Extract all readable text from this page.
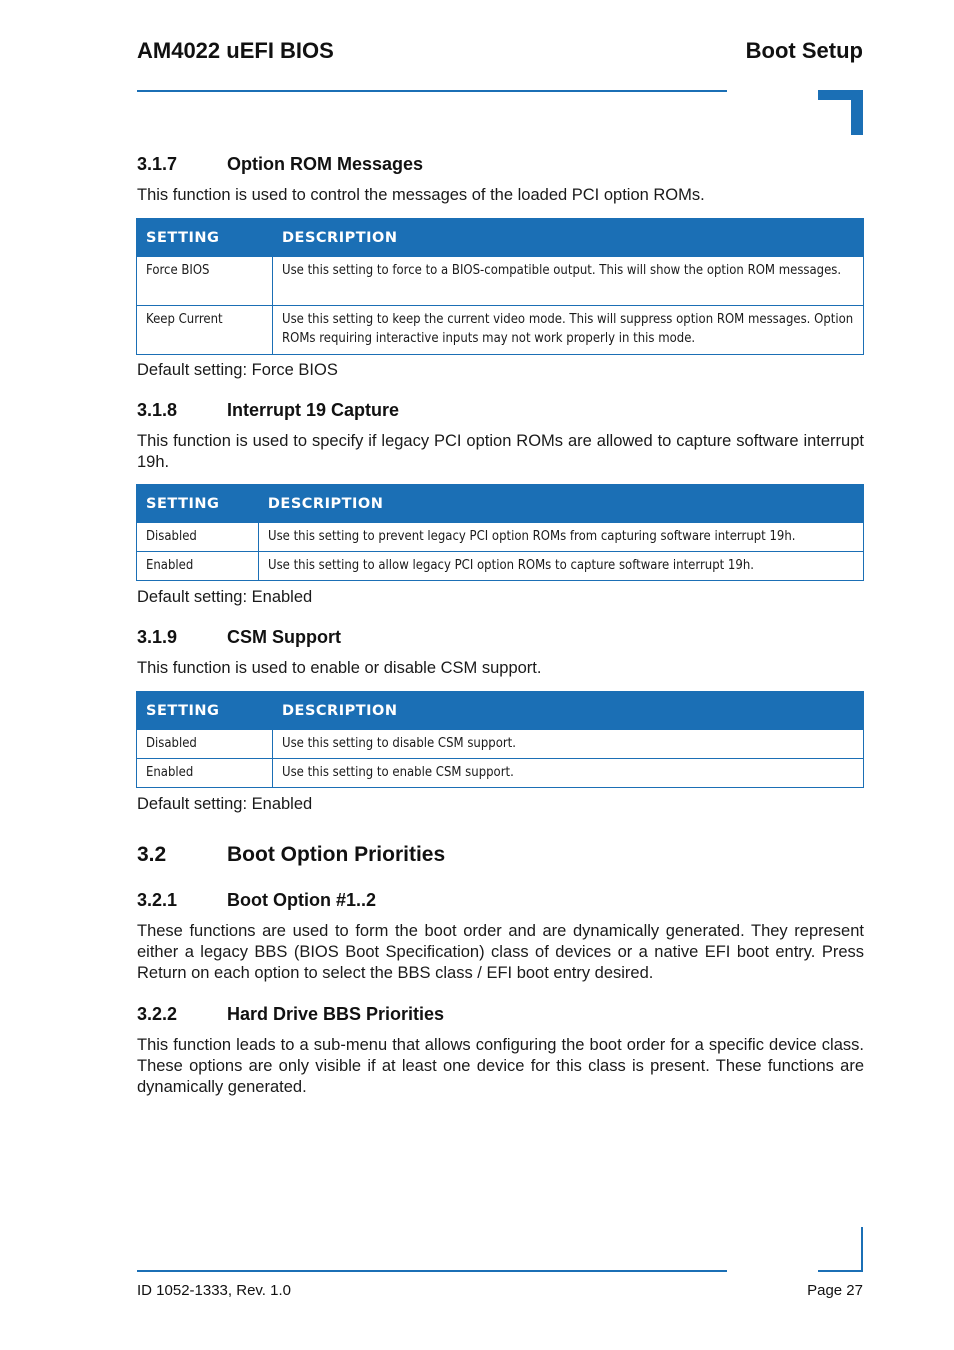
AM4022 uEFI BIOS	Boot Setup
3.1.7	Option ROM Messages
This function is used to control the messages of the loaded PCI option ROMs.
SETTING	DESCRIPTION
Force BIOS	Use this setting to force to a BIOS-compatible output. This will show the option ROM messages.

Keep Current	Use this setting to keep the current video mode. This will suppress option ROM messages. Option ROMs requiring interactive inputs may not work properly in this mode.
Default setting: Force BIOS
3.1.8	Interrupt 19 Capture
This function is used to specify if legacy PCI option ROMs are allowed to capture software interrupt 19h.
SETTING	DESCRIPTION
Disabled	Use this setting to prevent legacy PCI option ROMs from capturing software interrupt 19h.
Enabled	Use this setting to allow legacy PCI option ROMs to capture software interrupt 19h.
Default setting: Enabled
3.1.9	CSM Support
This function is used to enable or disable CSM support.
SETTING	DESCRIPTION
Disabled	Use this setting to disable CSM support.
Enabled	Use this setting to enable CSM support.
Default setting: Enabled
3.2	Boot Option Priorities
3.2.1	Boot Option #1..2
These functions are used to form the boot order and are dynamically generated. They represent either a legacy BBS (BIOS Boot Specification) class of devices or a native EFI boot entry. Press Return on each option to select the BBS class / EFI boot entry desired.
3.2.2	Hard Drive BBS Priorities
This function leads to a sub-menu that allows configuring the boot order for a specific device class. These options are only visible if at least one device for this class is present. These functions are dynamically generated.
ID 1052-1333, Rev. 1.0	Page 27
